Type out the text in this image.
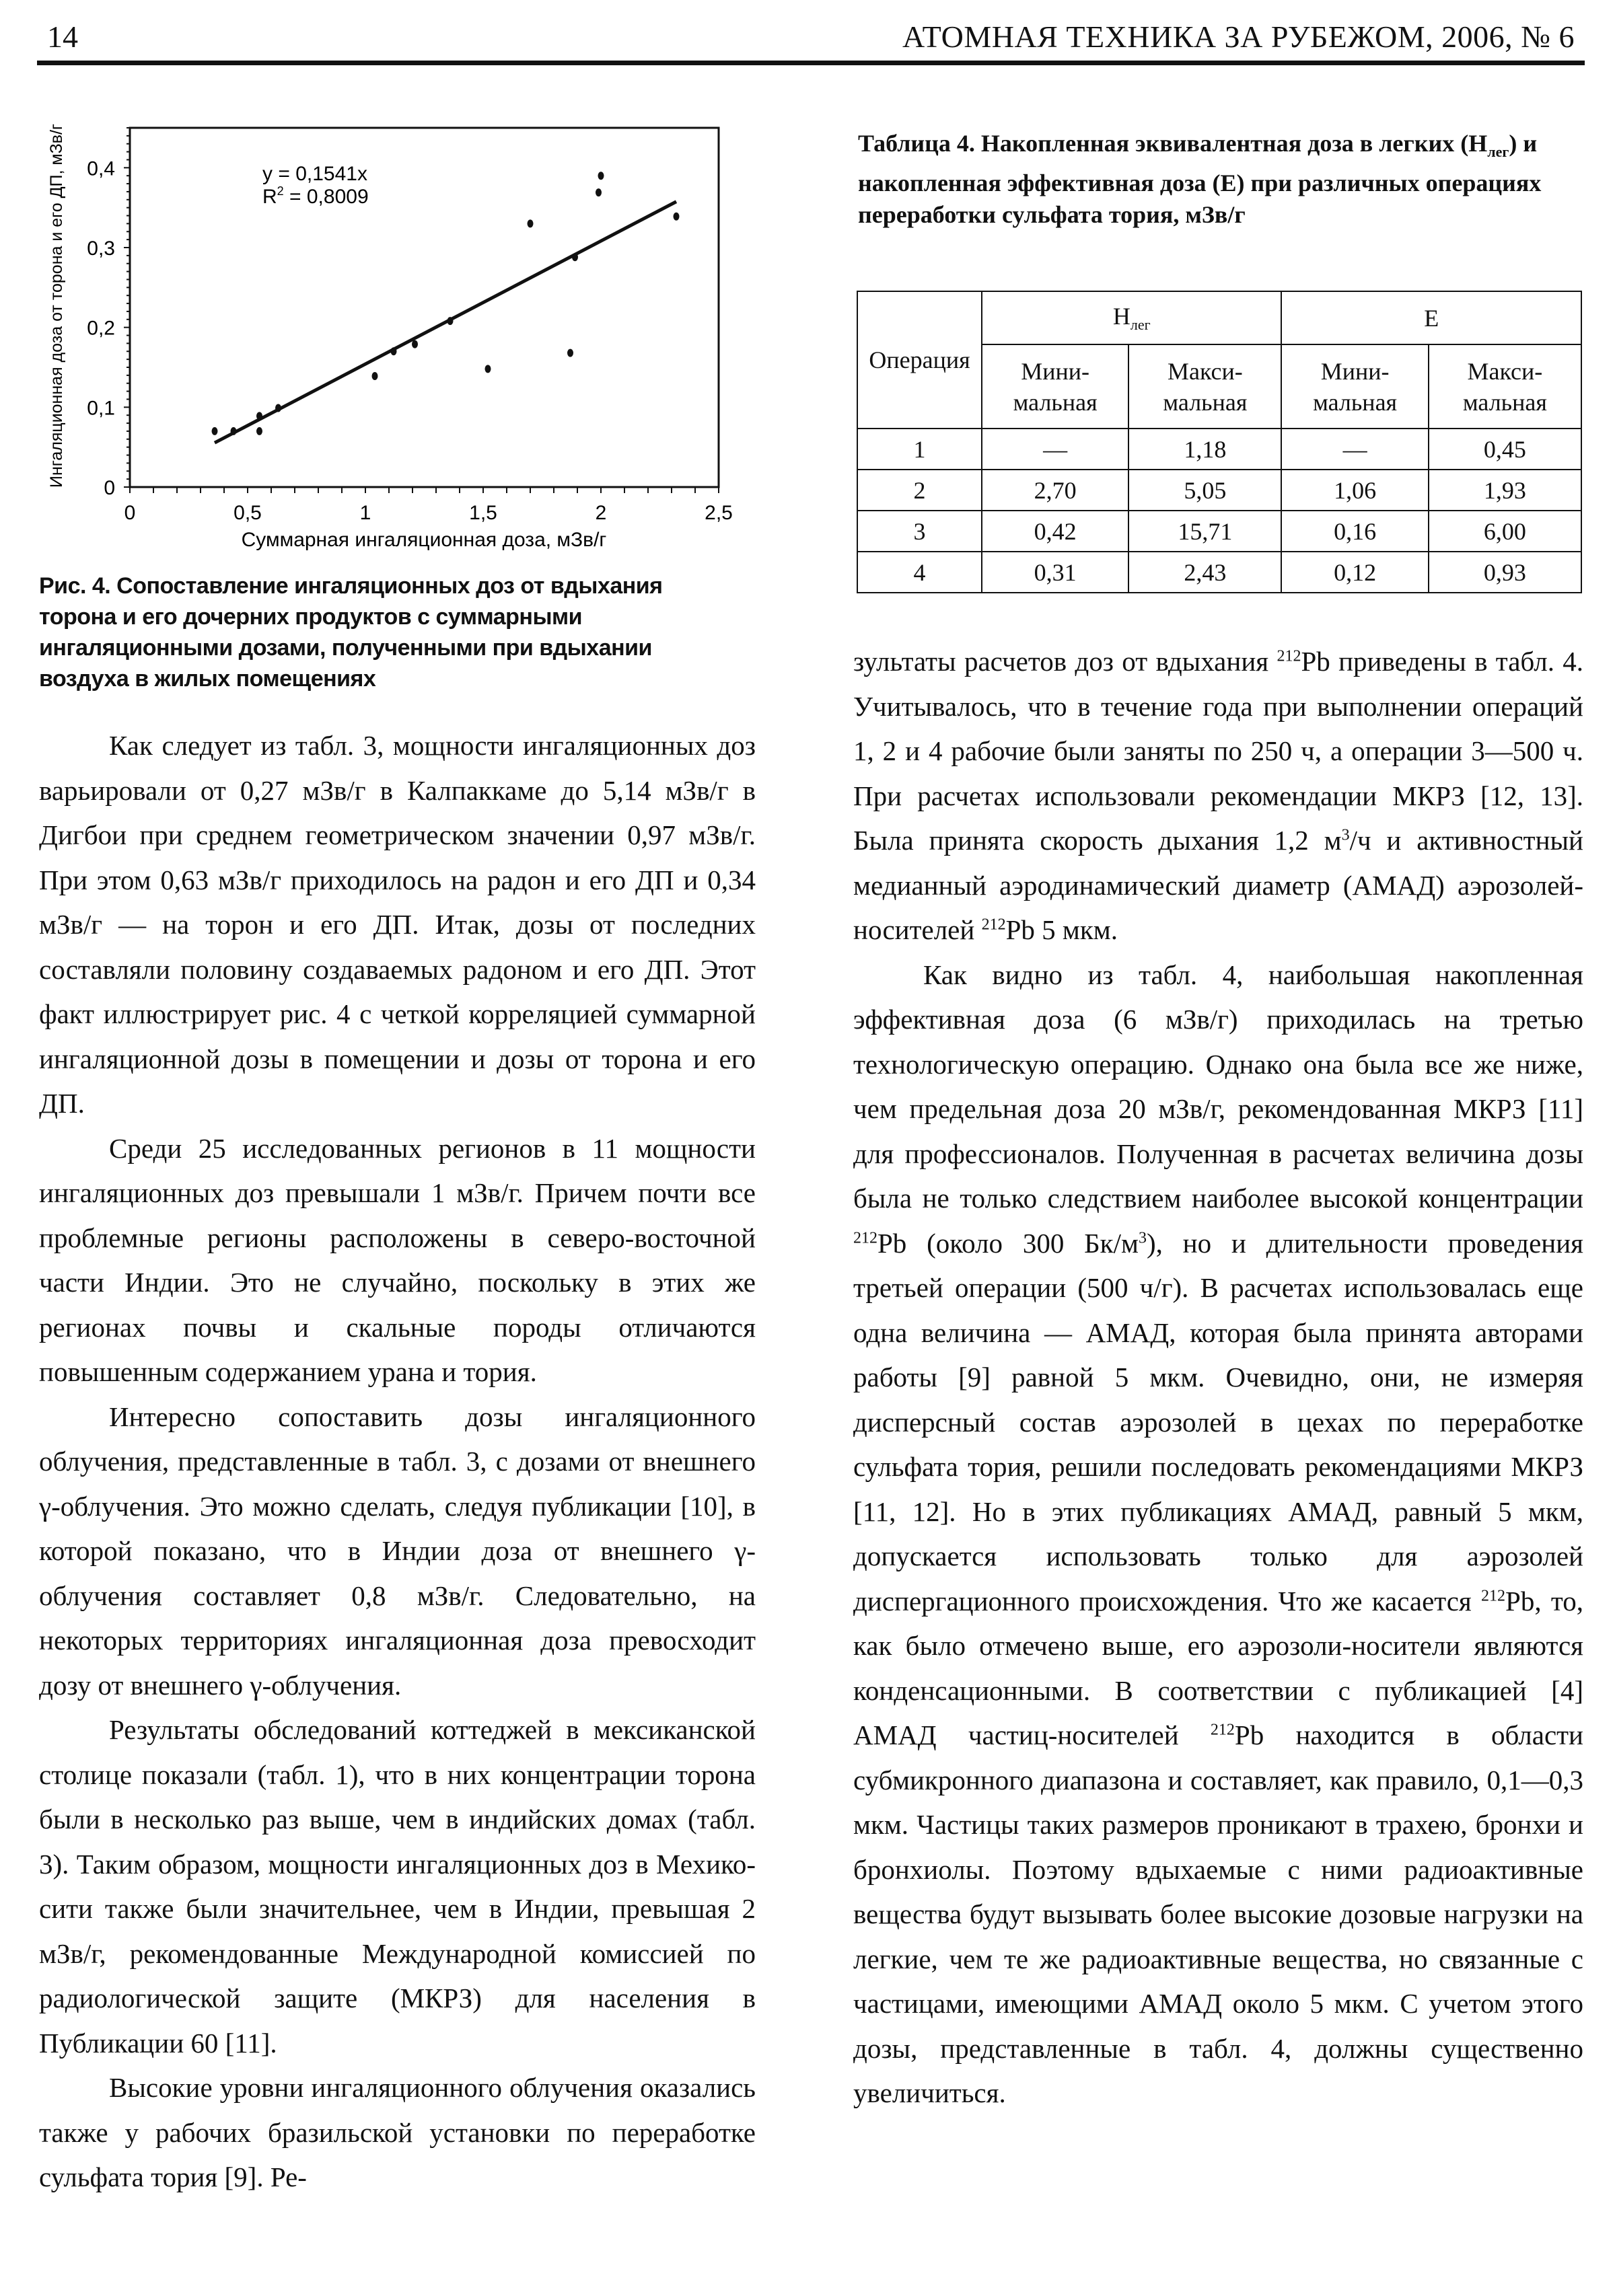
14	АТОМНАЯ ТЕХНИКА ЗА РУБЕЖОМ, 2006, № 6
0
0,1
0,2
0,3
0,4
0	0,5	1	1,5	2	2,5
y = 0,1541x
$R^2 = 0,8009$
Ингаляционная доза от торона и его ДП, мЗв/г
Суммарная ингаляционная доза, мЗв/г
Рис. 4. Сопоставление ингаляционных доз от вдыхания торона и его дочерних продуктов с суммарными ингаляционными дозами, полученными при вдыхании воздуха в жилых помещениях

Как следует из табл. 3, мощности ингаляционных доз варьировали от 0,27 мЗв/г в Калпаккаме до 5,14 мЗв/г в Дигбои при среднем геометрическом значении 0,97 мЗв/г. При этом 0,63 мЗв/г приходилось на радон и его ДП и 0,34 мЗв/г — на торон и его ДП. Итак, дозы от последних составляли половину создаваемых радоном и его ДП. Этот факт иллюстрирует рис. 4 с четкой корреляцией суммарной ингаляционной дозы в помещении и дозы от торона и его ДП.

Среди 25 исследованных регионов в 11 мощности ингаляционных доз превышали 1 мЗв/г. Причем почти все проблемные регионы расположены в северо-восточной части Индии. Это не случайно, поскольку в этих же регионах почвы и скальные породы отличаются повышенным содержанием урана и тория.

Интересно сопоставить дозы ингаляционного облучения, представленные в табл. 3, с дозами от внешнего γ-облучения. Это можно сделать, следуя публикации [10], в которой показано, что в Индии доза от внешнего γ-облучения составляет 0,8 мЗв/г. Следовательно, на некоторых территориях ингаляционная доза превосходит дозу от внешнего γ-облучения.

Результаты обследований коттеджей в мексиканской столице показали (табл. 1), что в них концентрации торона были в несколько раз выше, чем в индийских домах (табл. 3). Таким образом, мощности ингаляционных доз в Мехико-сити также были значительнее, чем в Индии, превышая 2 мЗв/г, рекомендованные Международной комиссией по радиологической защите (МКРЗ) для населения в Публикации 60 [11].

Высокие уровни ингаляционного облучения оказались также у рабочих бразильской установки по переработке сульфата тория [9]. Ре-

Таблица 4. Накопленная эквивалентная доза в легких $(H_{лег})$ и накопленная эффективная доза (E) при различных операциях переработки сульфата тория, мЗв/г
Операция	$H_{лег}$		E	
	Мини-мальная	Макси-мальная	Мини-мальная	Макси-мальная
1	—	1,18	—	0,45
2	2,70	5,05	1,06	1,93
3	0,42	15,71	0,16	6,00
4	0,31	2,43	0,12	0,93

зультаты расчетов доз от вдыхания $^{212}$Pb приведены в табл. 4. Учитывалось, что в течение года при выполнении операций 1, 2 и 4 рабочие были заняты по 250 ч, а операции 3—500 ч. При расчетах использовали рекомендации МКРЗ [12, 13]. Была принята скорость дыхания 1,2 $м^3/ч$ и активностный медианный аэродинамический диаметр (АМАД) аэрозолей-носителей $^{212}$Pb 5 мкм.

Как видно из табл. 4, наибольшая накопленная эффективная доза (6 мЗв/г) приходилась на третью технологическую операцию. Однако она была все же ниже, чем предельная доза 20 мЗв/г, рекомендованная МКРЗ [11] для профессионалов. Полученная в расчетах величина дозы была не только следствием наиболее высокой концентрации $^{212}$Pb (около 300 $Бк/м^3$), но и длительности проведения третьей операции (500 ч/г). В расчетах использовалась еще одна величина — АМАД, которая была принята авторами работы [9] равной 5 мкм. Очевидно, они, не измеряя дисперсный состав аэрозолей в цехах по переработке сульфата тория, решили последовать рекомендациями МКРЗ [11, 12]. Но в этих публикациях АМАД, равный 5 мкм, допускается использовать только для аэрозолей диспергационного происхождения. Что же касается $^{212}$Pb, то, как было отмечено выше, его аэрозоли-носители являются конденсационными. В соответствии с публикацией [4] АМАД частиц-носителей $^{212}$Pb находится в области субмикронного диапазона и составляет, как правило, 0,1—0,3 мкм. Частицы таких размеров проникают в трахею, бронхи и бронхиолы. Поэтому вдыхаемые с ними радиоактивные вещества будут вызывать более высокие дозовые нагрузки на легкие, чем те же радиоактивные вещества, но связанные с частицами, имеющими АМАД около 5 мкм. С учетом этого дозы, представленные в табл. 4, должны существенно увеличиться.
